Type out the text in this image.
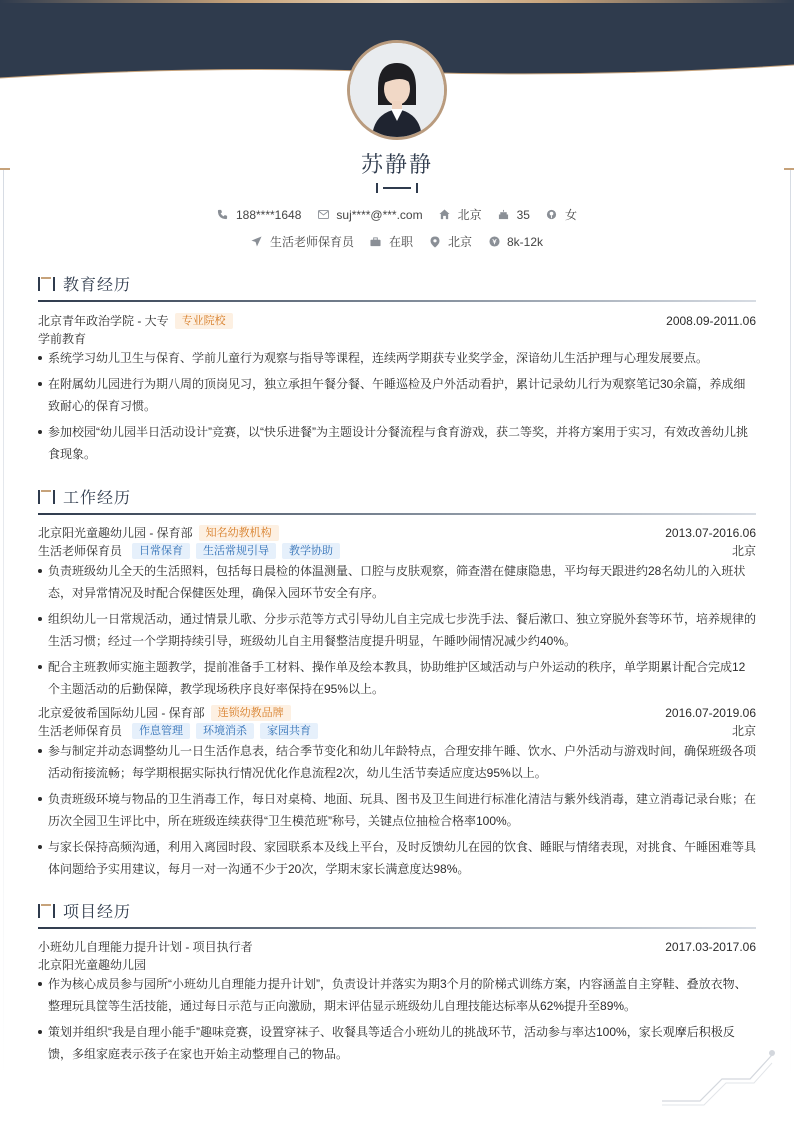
苏静静
188****1648	suj****@***.com	北京	35	女
生活老师保育员	在职	北京	8k-12k
教育经历
北京青年政治学院 - 大专	专业院校	2008.09-2011.06
学前教育
系统学习幼儿卫生与保育、学前儿童行为观察与指导等课程，连续两学期获专业奖学金，深谙幼儿生活护理与心理发展要点。
在附属幼儿园进行为期八周的顶岗见习，独立承担午餐分餐、午睡巡检及户外活动看护，累计记录幼儿行为观察笔记30余篇，养成细致耐心的保育习惯。
参加校园“幼儿园半日活动设计”竞赛，以“快乐进餐”为主题设计分餐流程与食育游戏，获二等奖，并将方案用于实习，有效改善幼儿挑食现象。
工作经历
北京阳光童趣幼儿园 - 保育部	知名幼教机构	2013.07-2016.06
生活老师保育员	日常保育	生活常规引导	教学协助	北京
负责班级幼儿全天的生活照料，包括每日晨检的体温测量、口腔与皮肤观察，筛查潜在健康隐患，平均每天跟进约28名幼儿的入班状态，对异常情况及时配合保健医处理，确保入园环节安全有序。
组织幼儿一日常规活动，通过情景儿歌、分步示范等方式引导幼儿自主完成七步洗手法、餐后漱口、独立穿脱外套等环节，培养规律的生活习惯；经过一个学期持续引导，班级幼儿自主用餐整洁度提升明显，午睡吵闹情况减少约40%。
配合主班教师实施主题教学，提前准备手工材料、操作单及绘本教具，协助维护区域活动与户外运动的秩序，单学期累计配合完成12个主题活动的后勤保障，教学现场秩序良好率保持在95%以上。
北京爱彼希国际幼儿园 - 保育部	连锁幼教品牌	2016.07-2019.06
生活老师保育员	作息管理	环境消杀	家园共育	北京
参与制定并动态调整幼儿一日生活作息表，结合季节变化和幼儿年龄特点，合理安排午睡、饮水、户外活动与游戏时间，确保班级各项活动衔接流畅；每学期根据实际执行情况优化作息流程2次，幼儿生活节奏适应度达95%以上。
负责班级环境与物品的卫生消毒工作，每日对桌椅、地面、玩具、图书及卫生间进行标准化清洁与紫外线消毒，建立消毒记录台账；在历次全园卫生评比中，所在班级连续获得“卫生模范班”称号，关键点位抽检合格率100%。
与家长保持高频沟通，利用入离园时段、家园联系本及线上平台，及时反馈幼儿在园的饮食、睡眠与情绪表现，对挑食、午睡困难等具体问题给予实用建议，每月一对一沟通不少于20次，学期末家长满意度达98%。
项目经历
小班幼儿自理能力提升计划 - 项目执行者	2017.03-2017.06
北京阳光童趣幼儿园
作为核心成员参与园所“小班幼儿自理能力提升计划”，负责设计并落实为期3个月的阶梯式训练方案，内容涵盖自主穿鞋、叠放衣物、整理玩具筐等生活技能，通过每日示范与正向激励，期末评估显示班级幼儿自理技能达标率从62%提升至89%。
策划并组织“我是自理小能手”趣味竞赛，设置穿袜子、收餐具等适合小班幼儿的挑战环节，活动参与率达100%，家长观摩后积极反馈，多组家庭表示孩子在家也开始主动整理自己的物品。
